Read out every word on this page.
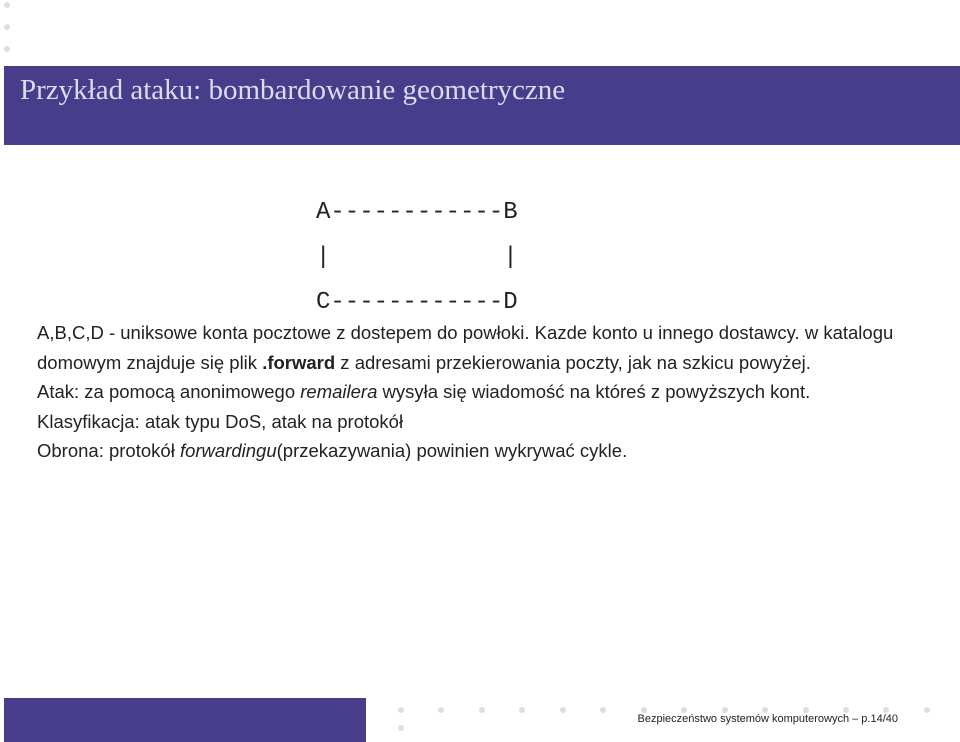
Przykład ataku: bombardowanie geometryczne
A------------B
|            |
C------------D

A,B,C,D - uniksowe konta pocztowe z dostepem do powłoki. Kazde konto u innego dostawcy. w katalogu domowym znajduje się plik .forward z adresami przekierowania poczty, jak na szkicu powyżej.

Atak: za pomocą anonimowego remailera wysyła się wiadomość na któreś z powyższych kont.

Klasyfikacja: atak typu DoS, atak na protokół

Obrona: protokół forwardingu(przekazywania) powinien wykrywać cykle.

Bezpieczeństwo systemów komputerowych – p.14/40
